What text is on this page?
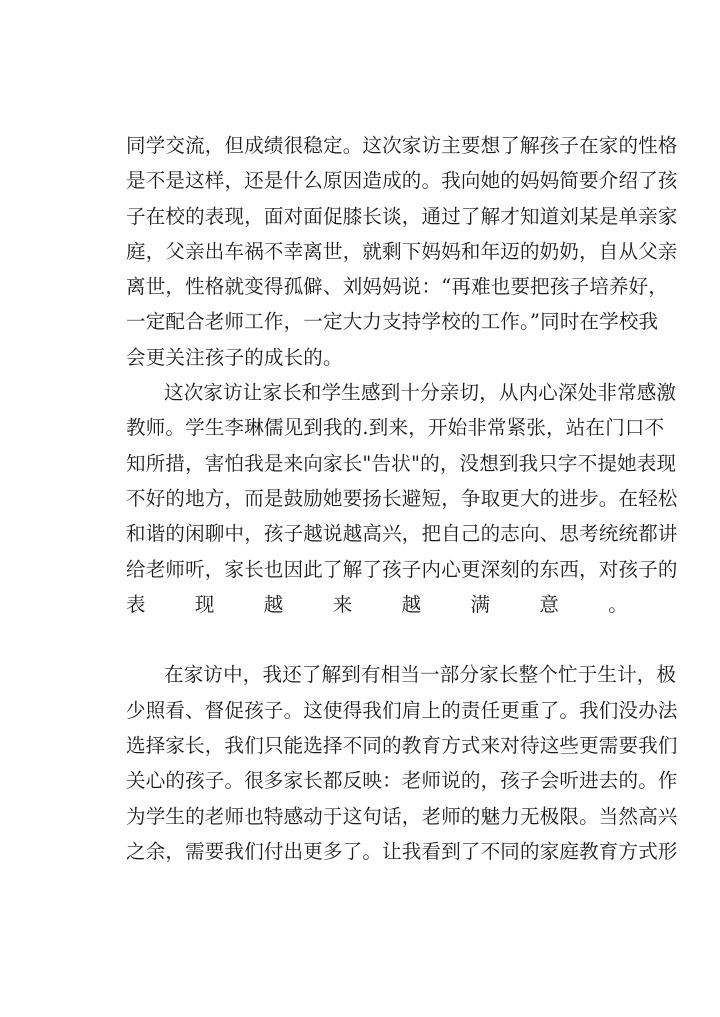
同学交流，但成绩很稳定。这次家访主要想了解孩子在家的性格
是不是这样，还是什么原因造成的。我向她的妈妈简要介绍了孩
子在校的表现，面对面促膝长谈，通过了解才知道刘某是单亲家
庭，父亲出车祸不幸离世，就剩下妈妈和年迈的奶奶，自从父亲
离世，性格就变得孤僻、刘妈妈说：“再难也要把孩子培养好，
一定配合老师工作，一定大力支持学校的工作。”同时在学校我
会更关注孩子的成长的。
这次家访让家长和学生感到十分亲切，从内心深处非常感激
教师。学生李琳儒见到我的.到来，开始非常紧张，站在门口不
知所措，害怕我是来向家长"告状"的，没想到我只字不提她表现
不好的地方，而是鼓励她要扬长避短，争取更大的进步。在轻松
和谐的闲聊中，孩子越说越高兴，把自己的志向、思考统统都讲
给老师听，家长也因此了解了孩子内心更深刻的东西，对孩子的
表现越来越满意。
在家访中，我还了解到有相当一部分家长整个忙于生计，极
少照看、督促孩子。这使得我们肩上的责任更重了。我们没办法
选择家长，我们只能选择不同的教育方式来对待这些更需要我们
关心的孩子。很多家长都反映：老师说的，孩子会听进去的。作
为学生的老师也特感动于这句话，老师的魅力无极限。当然高兴
之余，需要我们付出更多了。让我看到了不同的家庭教育方式形
